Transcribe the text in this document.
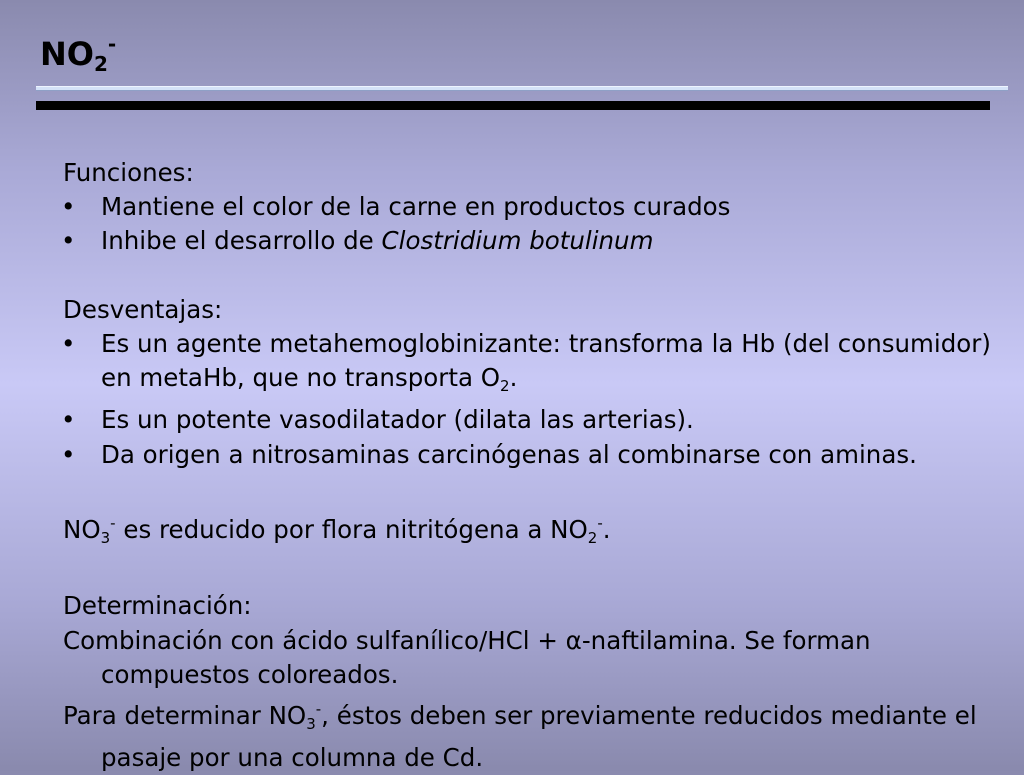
$NO_2^-$

Funciones:

• Mantiene el color de la carne en productos curados

• Inhibe el desarrollo de Clostridium botulinum

Desventajas:

• Es un agente metahemoglobinizante: transforma la Hb (del consumidor) en metaHb, que no transporta $O_2$.

• Es un potente vasodilatador (dilata las arterias).

• Da origen a nitrosaminas carcinógenas al combinarse con aminas.

$NO_3^-$ es reducido por flora nitritógena a $NO_2^-$.

Determinación:

Combinación con ácido sulfanílico/HCl + α-naftilamina. Se forman compuestos coloreados.

Para determinar $NO_3^-$, éstos deben ser previamente reducidos mediante el pasaje por una columna de Cd.
